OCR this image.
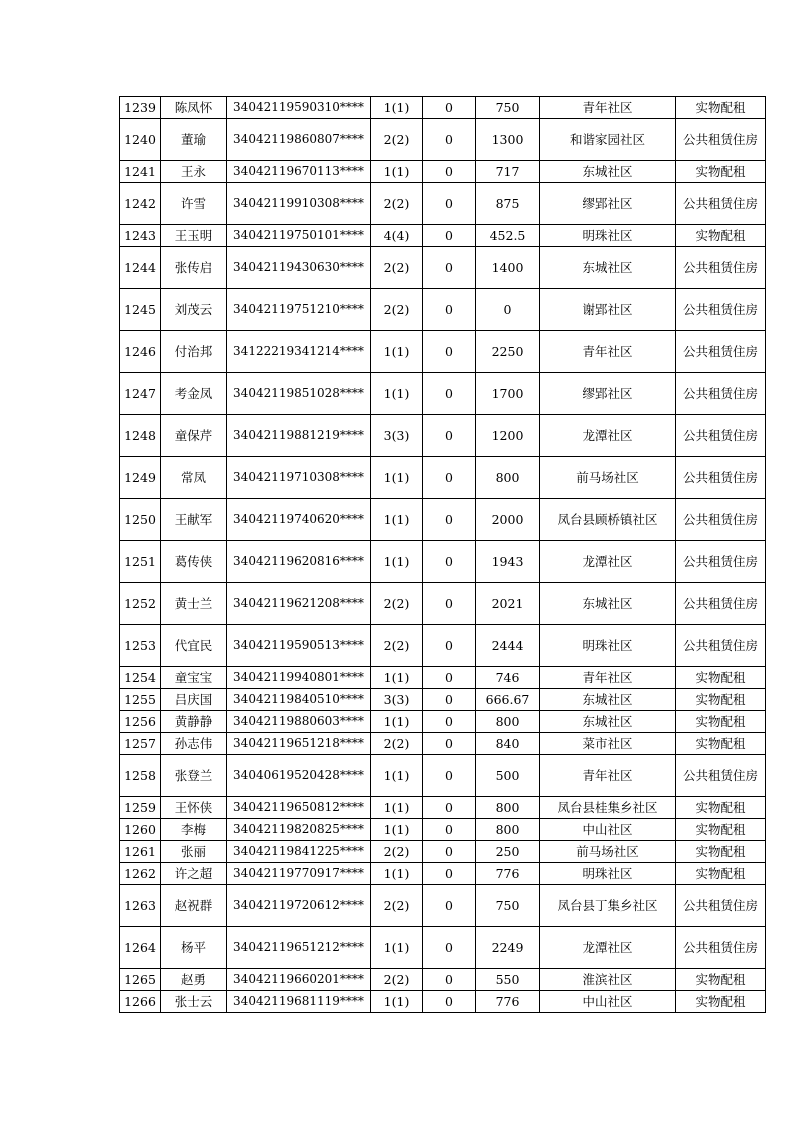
1239	陈凤怀	34042119590310****	1(1)	0	750	青年社区	实物配租
1240	董瑜	34042119860807****	2(2)	0	1300	和谐家园社区	公共租赁住房
1241	王永	34042119670113****	1(1)	0	717	东城社区	实物配租
1242	许雪	34042119910308****	2(2)	0	875	缪郢社区	公共租赁住房
1243	王玉明	34042119750101****	4(4)	0	452.5	明珠社区	实物配租
1244	张传启	34042119430630****	2(2)	0	1400	东城社区	公共租赁住房
1245	刘茂云	34042119751210****	2(2)	0	0	谢郢社区	公共租赁住房
1246	付治邦	34122219341214****	1(1)	0	2250	青年社区	公共租赁住房
1247	考金凤	34042119851028****	1(1)	0	1700	缪郢社区	公共租赁住房
1248	童保芹	34042119881219****	3(3)	0	1200	龙潭社区	公共租赁住房
1249	常凤	34042119710308****	1(1)	0	800	前马场社区	公共租赁住房
1250	王献军	34042119740620****	1(1)	0	2000	凤台县顾桥镇社区	公共租赁住房
1251	葛传侠	34042119620816****	1(1)	0	1943	龙潭社区	公共租赁住房
1252	黄士兰	34042119621208****	2(2)	0	2021	东城社区	公共租赁住房
1253	代宜民	34042119590513****	2(2)	0	2444	明珠社区	公共租赁住房
1254	童宝宝	34042119940801****	1(1)	0	746	青年社区	实物配租
1255	吕庆国	34042119840510****	3(3)	0	666.67	东城社区	实物配租
1256	黄静静	34042119880603****	1(1)	0	800	东城社区	实物配租
1257	孙志伟	34042119651218****	2(2)	0	840	菜市社区	实物配租
1258	张登兰	34040619520428****	1(1)	0	500	青年社区	公共租赁住房
1259	王怀侠	34042119650812****	1(1)	0	800	凤台县桂集乡社区	实物配租
1260	李梅	34042119820825****	1(1)	0	800	中山社区	实物配租
1261	张丽	34042119841225****	2(2)	0	250	前马场社区	实物配租
1262	许之超	34042119770917****	1(1)	0	776	明珠社区	实物配租
1263	赵祝群	34042119720612****	2(2)	0	750	凤台县丁集乡社区	公共租赁住房
1264	杨平	34042119651212****	1(1)	0	2249	龙潭社区	公共租赁住房
1265	赵勇	34042119660201****	2(2)	0	550	淮滨社区	实物配租
1266	张士云	34042119681119****	1(1)	0	776	中山社区	实物配租
